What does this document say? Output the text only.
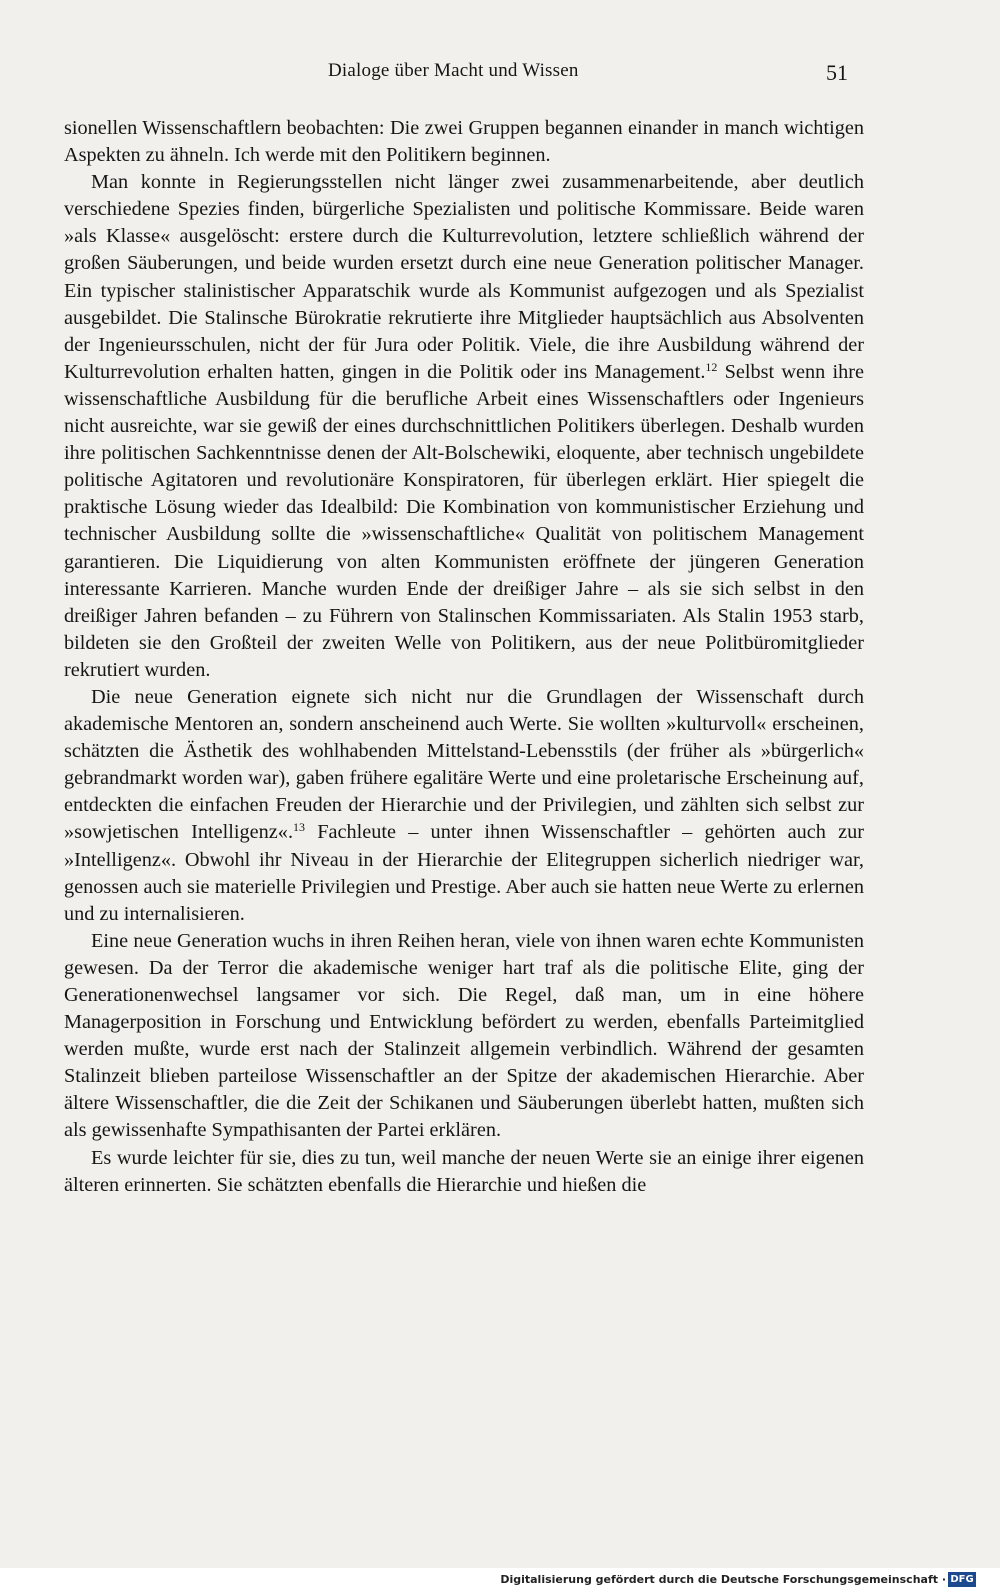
Dialoge über Macht und Wissen	51

sionellen Wissenschaftlern beobachten: Die zwei Gruppen begannen einander in manch wichtigen Aspekten zu ähneln. Ich werde mit den Politikern beginnen.

Man konnte in Regierungsstellen nicht länger zwei zusammenarbeitende, aber deutlich verschiedene Spezies finden, bürgerliche Spezialisten und politische Kommissare. Beide waren »als Klasse« ausgelöscht: erstere durch die Kulturrevolution, letztere schließlich während der großen Säuberungen, und beide wurden ersetzt durch eine neue Generation politischer Manager. Ein typischer stalinistischer Apparatschik wurde als Kommunist aufgezogen und als Spezialist ausgebildet. Die Stalinsche Bürokratie rekrutierte ihre Mitglieder hauptsächlich aus Absolventen der Ingenieursschulen, nicht der für Jura oder Politik. Viele, die ihre Ausbildung während der Kulturrevolution erhalten hatten, gingen in die Politik oder ins Management.$^{12}$ Selbst wenn ihre wissenschaftliche Ausbildung für die berufliche Arbeit eines Wissenschaftlers oder Ingenieurs nicht ausreichte, war sie gewiß der eines durchschnittlichen Politikers überlegen. Deshalb wurden ihre politischen Sachkenntnisse denen der Alt-Bolschewiki, eloquente, aber technisch ungebildete politische Agitatoren und revolutionäre Konspiratoren, für überlegen erklärt. Hier spiegelt die praktische Lösung wieder das Idealbild: Die Kombination von kommunistischer Erziehung und technischer Ausbildung sollte die »wissenschaftliche« Qualität von politischem Management garantieren. Die Liquidierung von alten Kommunisten eröffnete der jüngeren Generation interessante Karrieren. Manche wurden Ende der dreißiger Jahre – als sie sich selbst in den dreißiger Jahren befanden – zu Führern von Stalinschen Kommissariaten. Als Stalin 1953 starb, bildeten sie den Großteil der zweiten Welle von Politikern, aus der neue Politbüromitglieder rekrutiert wurden.

Die neue Generation eignete sich nicht nur die Grundlagen der Wissenschaft durch akademische Mentoren an, sondern anscheinend auch Werte. Sie wollten »kulturvoll« erscheinen, schätzten die Ästhetik des wohlhabenden Mittelstand-Lebensstils (der früher als »bürgerlich« gebrandmarkt worden war), gaben frühere egalitäre Werte und eine proletarische Erscheinung auf, entdeckten die einfachen Freuden der Hierarchie und der Privilegien, und zählten sich selbst zur »sowjetischen Intelligenz«.$^{13}$ Fachleute – unter ihnen Wissenschaftler – gehörten auch zur »Intelligenz«. Obwohl ihr Niveau in der Hierarchie der Elitegruppen sicherlich niedriger war, genossen auch sie materielle Privilegien und Prestige. Aber auch sie hatten neue Werte zu erlernen und zu internalisieren.

Eine neue Generation wuchs in ihren Reihen heran, viele von ihnen waren echte Kommunisten gewesen. Da der Terror die akademische weniger hart traf als die politische Elite, ging der Generationenwechsel langsamer vor sich. Die Regel, daß man, um in eine höhere Managerposition in Forschung und Entwicklung befördert zu werden, ebenfalls Parteimitglied werden mußte, wurde erst nach der Stalinzeit allgemein verbindlich. Während der gesamten Stalinzeit blieben parteilose Wissenschaftler an der Spitze der akademischen Hierarchie. Aber ältere Wissenschaftler, die die Zeit der Schikanen und Säuberungen überlebt hatten, mußten sich als gewissenhafte Sympathisanten der Partei erklären.

Es wurde leichter für sie, dies zu tun, weil manche der neuen Werte sie an einige ihrer eigenen älteren erinnerten. Sie schätzten ebenfalls die Hierarchie und hießen die

Digitalisierung gefördert durch die Deutsche Forschungsgemeinschaft · DFG
